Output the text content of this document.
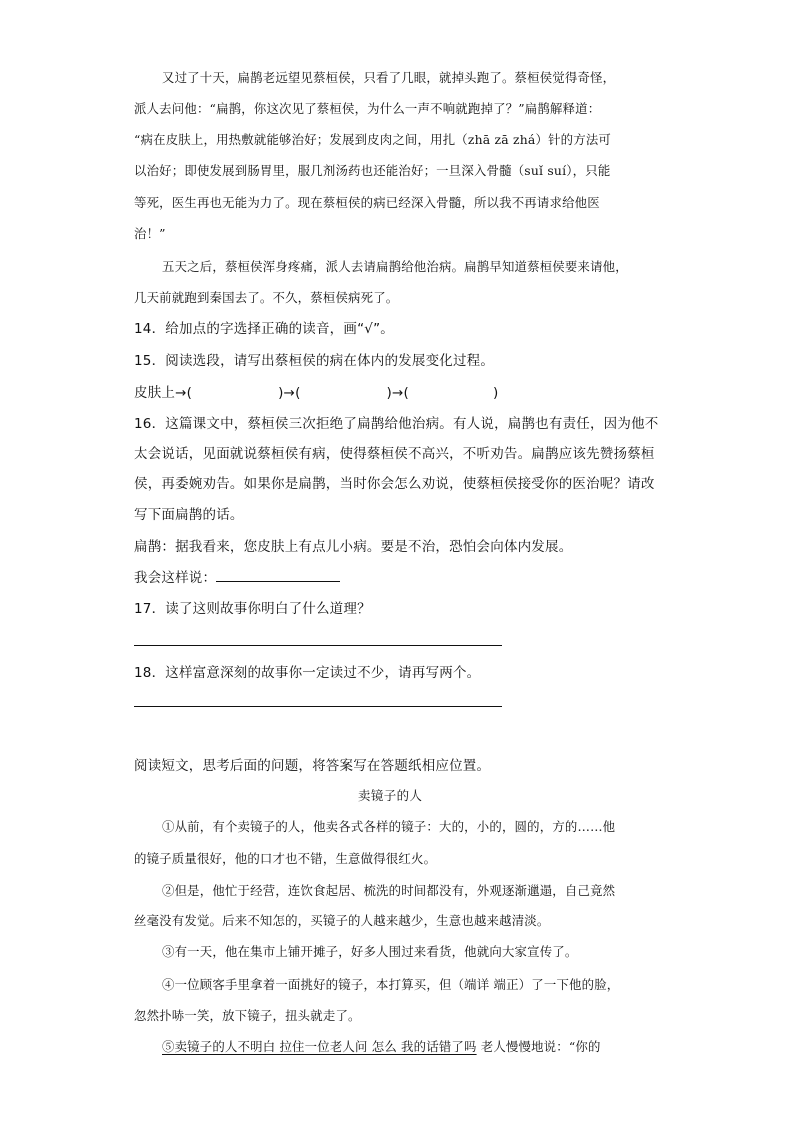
又过了十天，扁鹊老远望见蔡桓侯，只看了几眼，就掉头跑了。蔡桓侯觉得奇怪，
派人去问他：“扁鹊，你这次见了蔡桓侯，为什么一声不响就跑掉了？”扁鹊解释道：
“病在皮肤上，用热敷就能够治好；发展到皮肉之间，用扎（zhā zā zhá）针的方法可
以治好；即使发展到肠胃里，服几剂汤药也还能治好；一旦深入骨髓（suǐ suí），只能
等死，医生再也无能为力了。现在蔡桓侯的病已经深入骨髓，所以我不再请求给他医
治！”
五天之后，蔡桓侯浑身疼痛，派人去请扁鹊给他治病。扁鹊早知道蔡桓侯要来请他，
几天前就跑到秦国去了。不久，蔡桓侯病死了。
14．给加点的字选择正确的读音，画“√”。
15．阅读选段，请写出蔡桓侯的病在体内的发展变化过程。
皮肤上→(	)→(	)→(	)
16．这篇课文中，蔡桓侯三次拒绝了扁鹊给他治病。有人说，扁鹊也有责任，因为他不
太会说话，见面就说蔡桓侯有病，使得蔡桓侯不高兴，不听劝告。扁鹊应该先赞扬蔡桓
侯，再委婉劝告。如果你是扁鹊，当时你会怎么劝说，使蔡桓侯接受你的医治呢？请改
写下面扁鹊的话。
扁鹊：据我看来，您皮肤上有点儿小病。要是不治，恐怕会向体内发展。
我会这样说：
17．读了这则故事你明白了什么道理？
18．这样富意深刻的故事你一定读过不少，请再写两个。
阅读短文，思考后面的问题，将答案写在答题纸相应位置。
卖镜子的人
①从前，有个卖镜子的人，他卖各式各样的镜子：大的，小的，圆的，方的……他
的镜子质量很好，他的口才也不错，生意做得很红火。
②但是，他忙于经营，连饮食起居、梳洗的时间都没有，外观逐渐邋遢，自己竟然
丝毫没有发觉。后来不知怎的，买镜子的人越来越少，生意也越来越清淡。
③有一天，他在集市上铺开摊子，好多人围过来看货，他就向大家宣传了。
④一位顾客手里拿着一面挑好的镜子，本打算买，但（端详 端正）了一下他的脸，
忽然扑哧一笑，放下镜子，扭头就走了。
⑤卖镜子的人不明白 拉住一位老人问 怎么 我的话错了吗 老人慢慢地说：“你的
